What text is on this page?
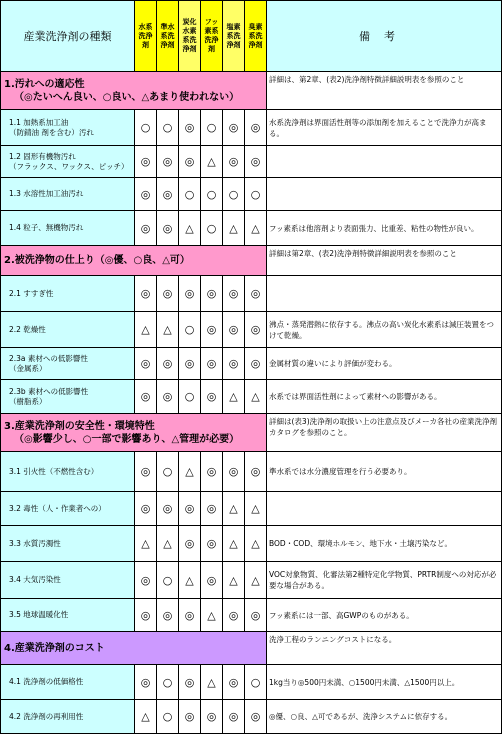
産業洗浄剤の種類	水系洗浄剤	準水系洗浄剤	炭化水素系洗浄剤	フッ素系洗浄剤	塩素系洗浄剤	臭素系洗浄剤	備考
1.汚れへの適応性
（◎たいへん良い、○良い、△あまり使われない）							詳細は、第2章、(表2)洗浄剤特徴詳細説明表を参照のこと
1.1 加熱系加工油
（防錆油 剤を含む）汚れ	○	○	◎	○	◎	◎	水系洗浄剤は界面活性剤等の添加剤を加えることで洗浄力が高まる。
1.2 固形有機物汚れ
（フラックス、ワックス、ピッチ）	◎	◎	◎	△	◎	◎	
1.3 水溶性加工油汚れ	◎	◎	○	○	○	○	
1.4 粒子、無機物汚れ	◎	◎	△	○	△	△	フッ素系は他溶剤より表面張力、比重差、粘性の物性が良い。
2.被洗浄物の仕上り（◎優、○良、△可）							詳細は第2章、(表2)洗浄剤特徴詳細説明表を参照のこと
2.1 すすぎ性	◎	◎	◎	◎	◎	◎	
2.2 乾燥性	△	△	○	◎	◎	◎	沸点・蒸発潜熱に依存する。沸点の高い炭化水素系は減圧装置をつけて乾燥。
2.3a 素材への低影響性
（金属系）	◎	◎	◎	◎	◎	◎	金属材質の違いにより評価が変わる。
2.3b 素材への低影響性
（樹脂系）	◎	◎	○	◎	△	△	水系では界面活性剤によって素材への影響がある。
3.産業洗浄剤の安全性・環境特性
（◎影響少し、○一部で影響あり、△管理が必要）							詳細は(表3)洗浄剤の取扱い上の注意点及びメーカ各社の産業洗浄剤カタログを参照のこと。
3.1 引火性（不燃性含む）	◎	○	△	◎	◎	◎	準水系では水分濃度管理を行う必要あり。
3.2 毒性（人・作業者への）	◎	◎	◎	◎	△	△	
3.3 水質汚濁性	△	△	◎	◎	△	△	BOD・COD、環境ホルモン、地下水・土壌汚染など。
3.4 大気汚染性	◎	○	△	◎	△	△	VOC対象物質、化審法第2種特定化学物質、PRTR制度への対応が必要な場合がある。
3.5 地球温暖化性	◎	◎	◎	△	◎	◎	フッ素系には一部、高GWPのものがある。
4.産業洗浄剤のコスト							洗浄工程のランニングコストになる。
4.1 洗浄剤の低価格性	◎	○	◎	△	◎	○	1kg当り◎500円未満、○1500円未満、△1500円以上。
4.2 洗浄剤の再利用性	△	○	◎	◎	◎	◎	◎優、○良、△可であるが、洗浄システムに依存する。
